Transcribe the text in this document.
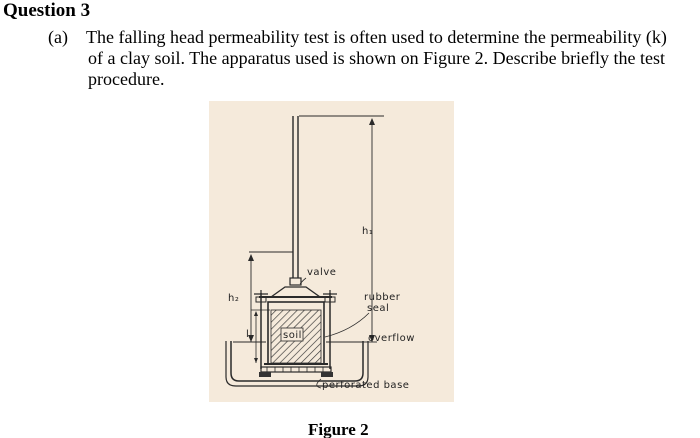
Question 3
(a) The falling head permeability test is often used to determine the permeability (k)
of a clay soil. The apparatus used is shown on Figure 2. Describe briefly the test
procedure.
h₁
h₂
valve
soil
l
rubber
seal
overflow
perforated base
Figure 2
